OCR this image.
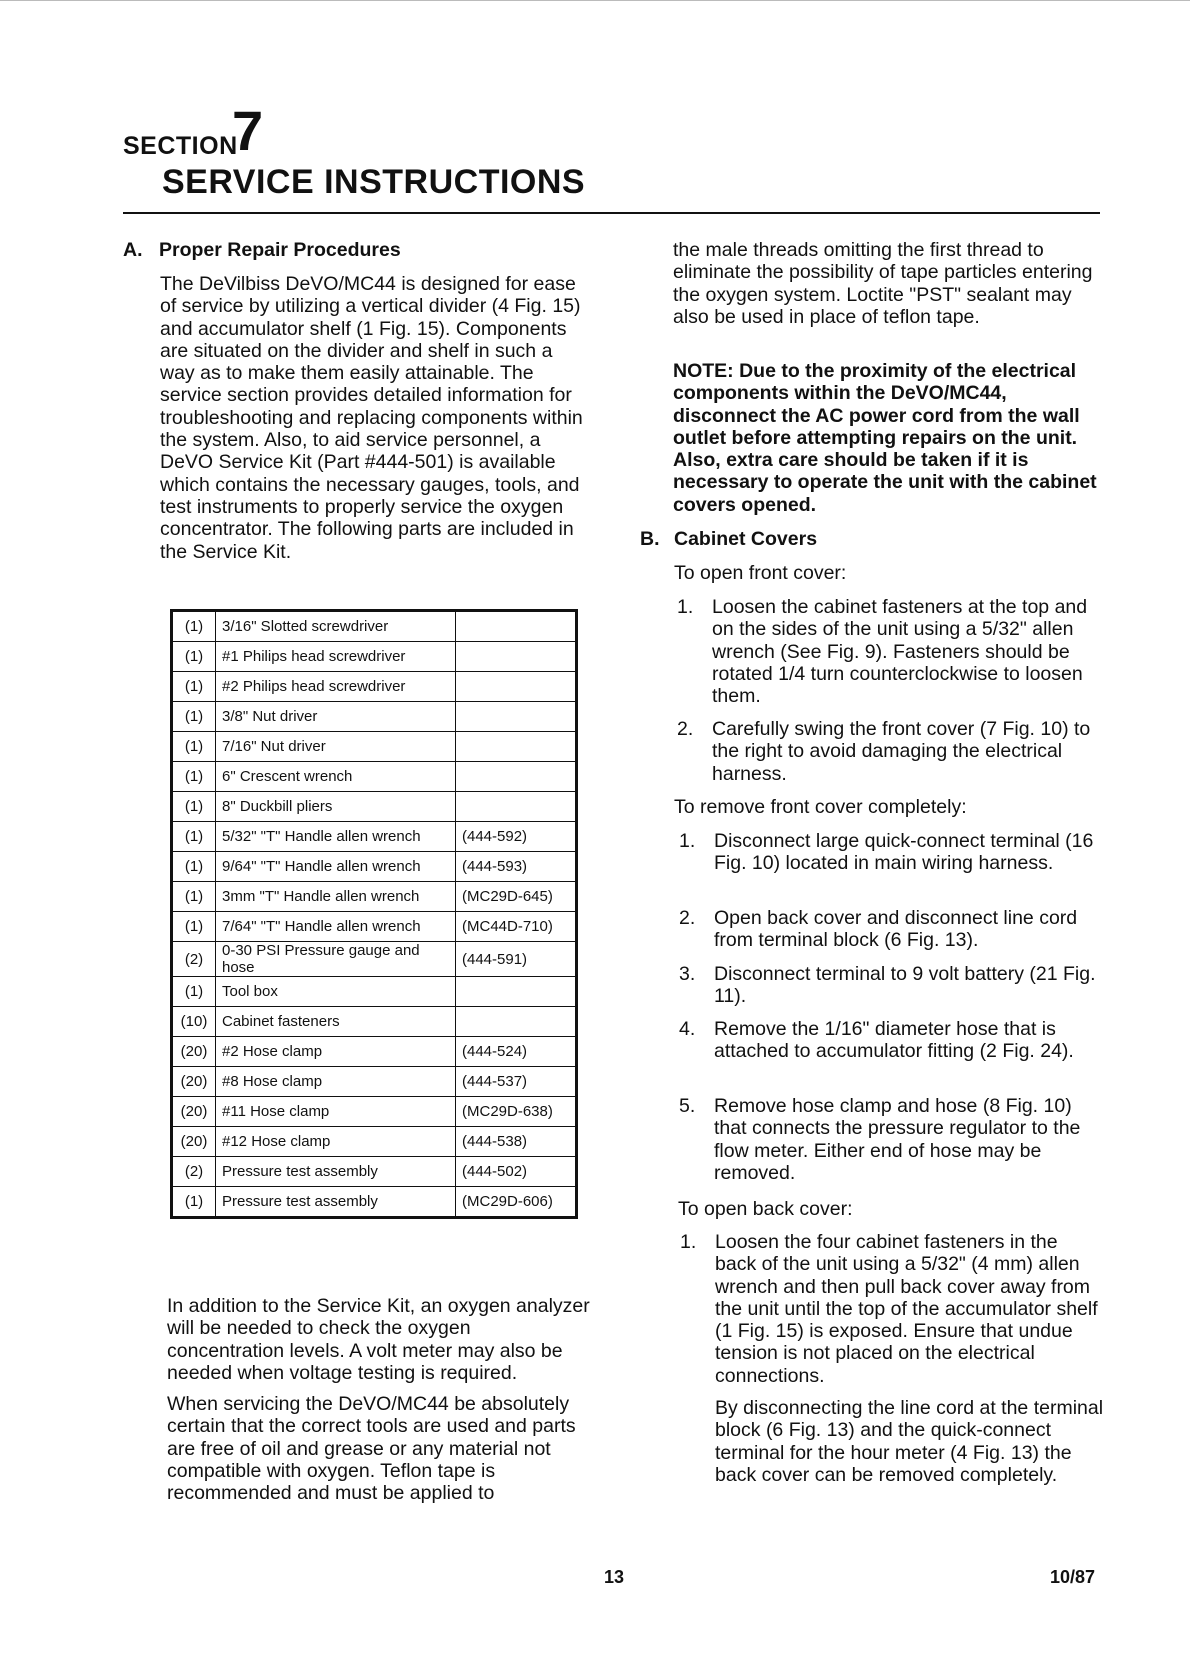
SECTION
7
SERVICE INSTRUCTIONS
A. Proper Repair Procedures

The DeVilbiss DeVO/MC44 is designed for ease of service by utilizing a vertical divider (4 Fig. 15) and accumulator shelf (1 Fig. 15). Components are situated on the divider and shelf in such a way as to make them easily attainable. The service section provides detailed information for troubleshooting and replacing components within the system. Also, to aid service personnel, a DeVO Service Kit (Part #444-501) is available which contains the necessary gauges, tools, and test instruments to properly service the oxygen concentrator. The following parts are included in the Service Kit.

(1)	3/16" Slotted screwdriver	
(1)	#1 Philips head screwdriver	
(1)	#2 Philips head screwdriver	
(1)	3/8" Nut driver	
(1)	7/16" Nut driver	
(1)	6" Crescent wrench	
(1)	8" Duckbill pliers	
(1)	5/32" "T" Handle allen wrench	(444-592)
(1)	9/64" "T" Handle allen wrench	(444-593)
(1)	3mm "T" Handle allen wrench	(MC29D-645)
(1)	7/64" "T" Handle allen wrench	(MC44D-710)
(2)	0-30 PSI Pressure gauge and hose	(444-591)
(1)	Tool box	
(10)	Cabinet fasteners	
(20)	#2 Hose clamp	(444-524)
(20)	#8 Hose clamp	(444-537)
(20)	#11 Hose clamp	(MC29D-638)
(20)	#12 Hose clamp	(444-538)
(2)	Pressure test assembly	(444-502)
(1)	Pressure test assembly	(MC29D-606)

In addition to the Service Kit, an oxygen analyzer will be needed to check the oxygen concentration levels. A volt meter may also be needed when voltage testing is required.

When servicing the DeVO/MC44 be absolutely certain that the correct tools are used and parts are free of oil and grease or any material not compatible with oxygen. Teflon tape is recommended and must be applied to

the male threads omitting the first thread to eliminate the possibility of tape particles entering the oxygen system. Loctite "PST" sealant may also be used in place of teflon tape.

NOTE: Due to the proximity of the electrical components within the DeVO/MC44, disconnect the AC power cord from the wall outlet before attempting repairs on the unit. Also, extra care should be taken if it is necessary to operate the unit with the cabinet covers opened.

B. Cabinet Covers
To open front cover:
1. Loosen the cabinet fasteners at the top and on the sides of the unit using a 5/32" allen wrench (See Fig. 9). Fasteners should be rotated 1/4 turn counterclockwise to loosen them.
2. Carefully swing the front cover (7 Fig. 10) to the right to avoid damaging the electrical harness.
To remove front cover completely:
1. Disconnect large quick-connect terminal (16 Fig. 10) located in main wiring harness.
2. Open back cover and disconnect line cord from terminal block (6 Fig. 13).
3. Disconnect terminal to 9 volt battery (21 Fig. 11).
4. Remove the 1/16" diameter hose that is attached to accumulator fitting (2 Fig. 24).
5. Remove hose clamp and hose (8 Fig. 10) that connects the pressure regulator to the flow meter. Either end of hose may be removed.
To open back cover:
1. Loosen the four cabinet fasteners in the back of the unit using a 5/32" (4 mm) allen wrench and then pull back cover away from the unit until the top of the accumulator shelf (1 Fig. 15) is exposed. Ensure that undue tension is not placed on the electrical connections.

By disconnecting the line cord at the terminal block (6 Fig. 13) and the quick-connect terminal for the hour meter (4 Fig. 13) the back cover can be removed completely.

13	10/87
